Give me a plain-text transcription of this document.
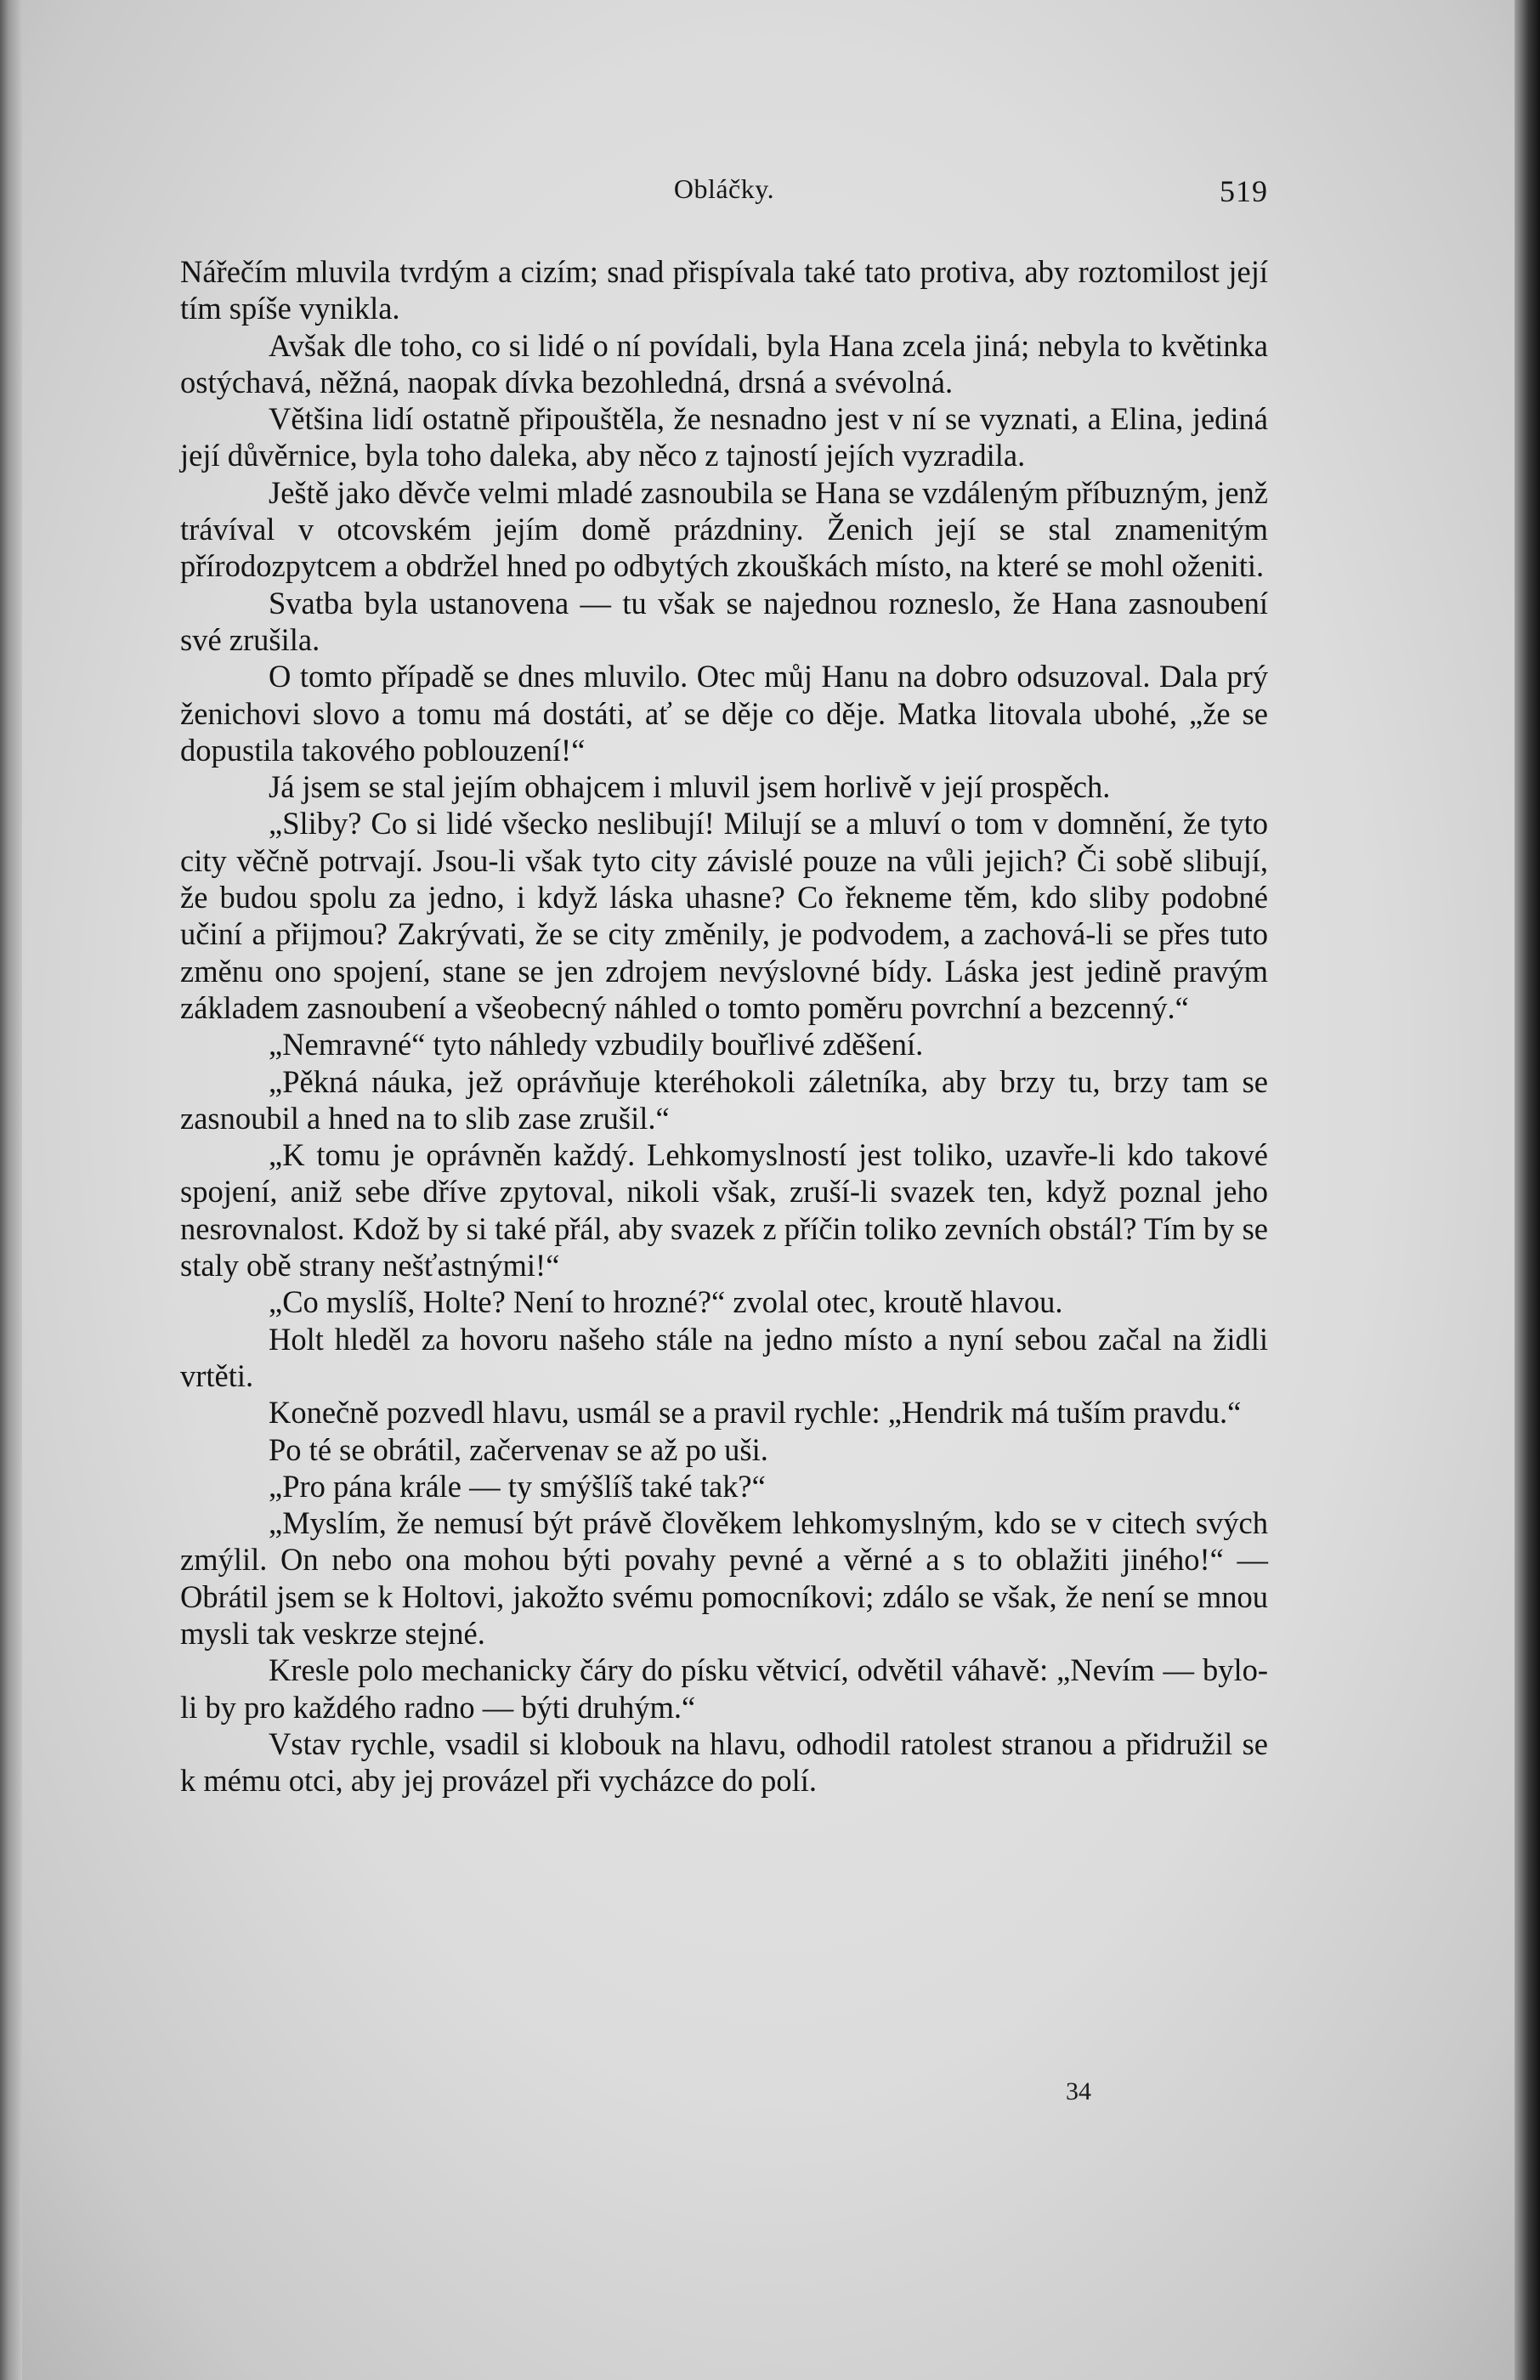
Obláčky.	519

Nářečím mluvila tvrdým a cizím; snad přispívala také tato protiva, aby roztomilost její tím spíše vynikla.

Avšak dle toho, co si lidé o ní povídali, byla Hana zcela jiná; nebyla to květinka ostýchavá, něžná, naopak dívka bezohledná, drsná a svévolná.

Většina lidí ostatně připouštěla, že nesnadno jest v ní se vyznati, a Elina, jediná její důvěrnice, byla toho daleka, aby něco z tajností jejích vyzradila.

Ještě jako děvče velmi mladé zasnoubila se Hana se vzdáleným příbuzným, jenž trávíval v otcovském jejím domě prázdniny. Ženich její se stal znamenitým přírodozpytcem a obdržel hned po odbytých zkouškách místo, na které se mohl oženiti.

Svatba byla ustanovena — tu však se najednou rozneslo, že Hana zasnoubení své zrušila.

O tomto případě se dnes mluvilo. Otec můj Hanu na dobro odsuzoval. Dala prý ženichovi slovo a tomu má dostáti, ať se děje co děje. Matka litovala ubohé, „že se dopustila takového poblouzení!“

Já jsem se stal jejím obhajcem i mluvil jsem horlivě v její prospěch.

„Sliby? Co si lidé všecko neslibují! Milují se a mluví o tom v domnění, že tyto city věčně potrvají. Jsou-li však tyto city závislé pouze na vůli jejich? Či sobě slibují, že budou spolu za jedno, i když láska uhasne? Co řekneme těm, kdo sliby podobné učiní a přijmou? Zakrývati, že se city změnily, je podvodem, a zachová-li se přes tuto změnu ono spojení, stane se jen zdrojem nevýslovné bídy. Láska jest jedině pravým základem zasnoubení a všeobecný náhled o tomto poměru povrchní a bezcenný.“

„Nemravné“ tyto náhledy vzbudily bouřlivé zděšení.

„Pěkná náuka, jež oprávňuje kteréhokoli záletníka, aby brzy tu, brzy tam se zasnoubil a hned na to slib zase zrušil.“

„K tomu je oprávněn každý. Lehkomyslností jest toliko, uzavře-li kdo takové spojení, aniž sebe dříve zpytoval, nikoli však, zruší-li svazek ten, když poznal jeho nesrovnalost. Kdož by si také přál, aby svazek z příčin toliko zevních obstál? Tím by se staly obě strany nešťastnými!“

„Co myslíš, Holte? Není to hrozné?“ zvolal otec, kroutě hlavou.

Holt hleděl za hovoru našeho stále na jedno místo a nyní sebou začal na židli vrtěti.

Konečně pozvedl hlavu, usmál se a pravil rychle: „Hendrik má tuším pravdu.“

Po té se obrátil, začervenav se až po uši.

„Pro pána krále — ty smýšlíš také tak?“

„Myslím, že nemusí být právě člověkem lehkomyslným, kdo se v citech svých zmýlil. On nebo ona mohou býti povahy pevné a věrné a s to oblažiti jiného!“ — Obrátil jsem se k Holtovi, jakožto svému pomocníkovi; zdálo se však, že není se mnou mysli tak veskrze stejné.

Kresle polo mechanicky čáry do písku větvicí, odvětil váhavě: „Nevím — bylo-li by pro každého radno — býti druhým.“

Vstav rychle, vsadil si klobouk na hlavu, odhodil ratolest stranou a přidružil se k mému otci, aby jej provázel při vycházce do polí.

34
